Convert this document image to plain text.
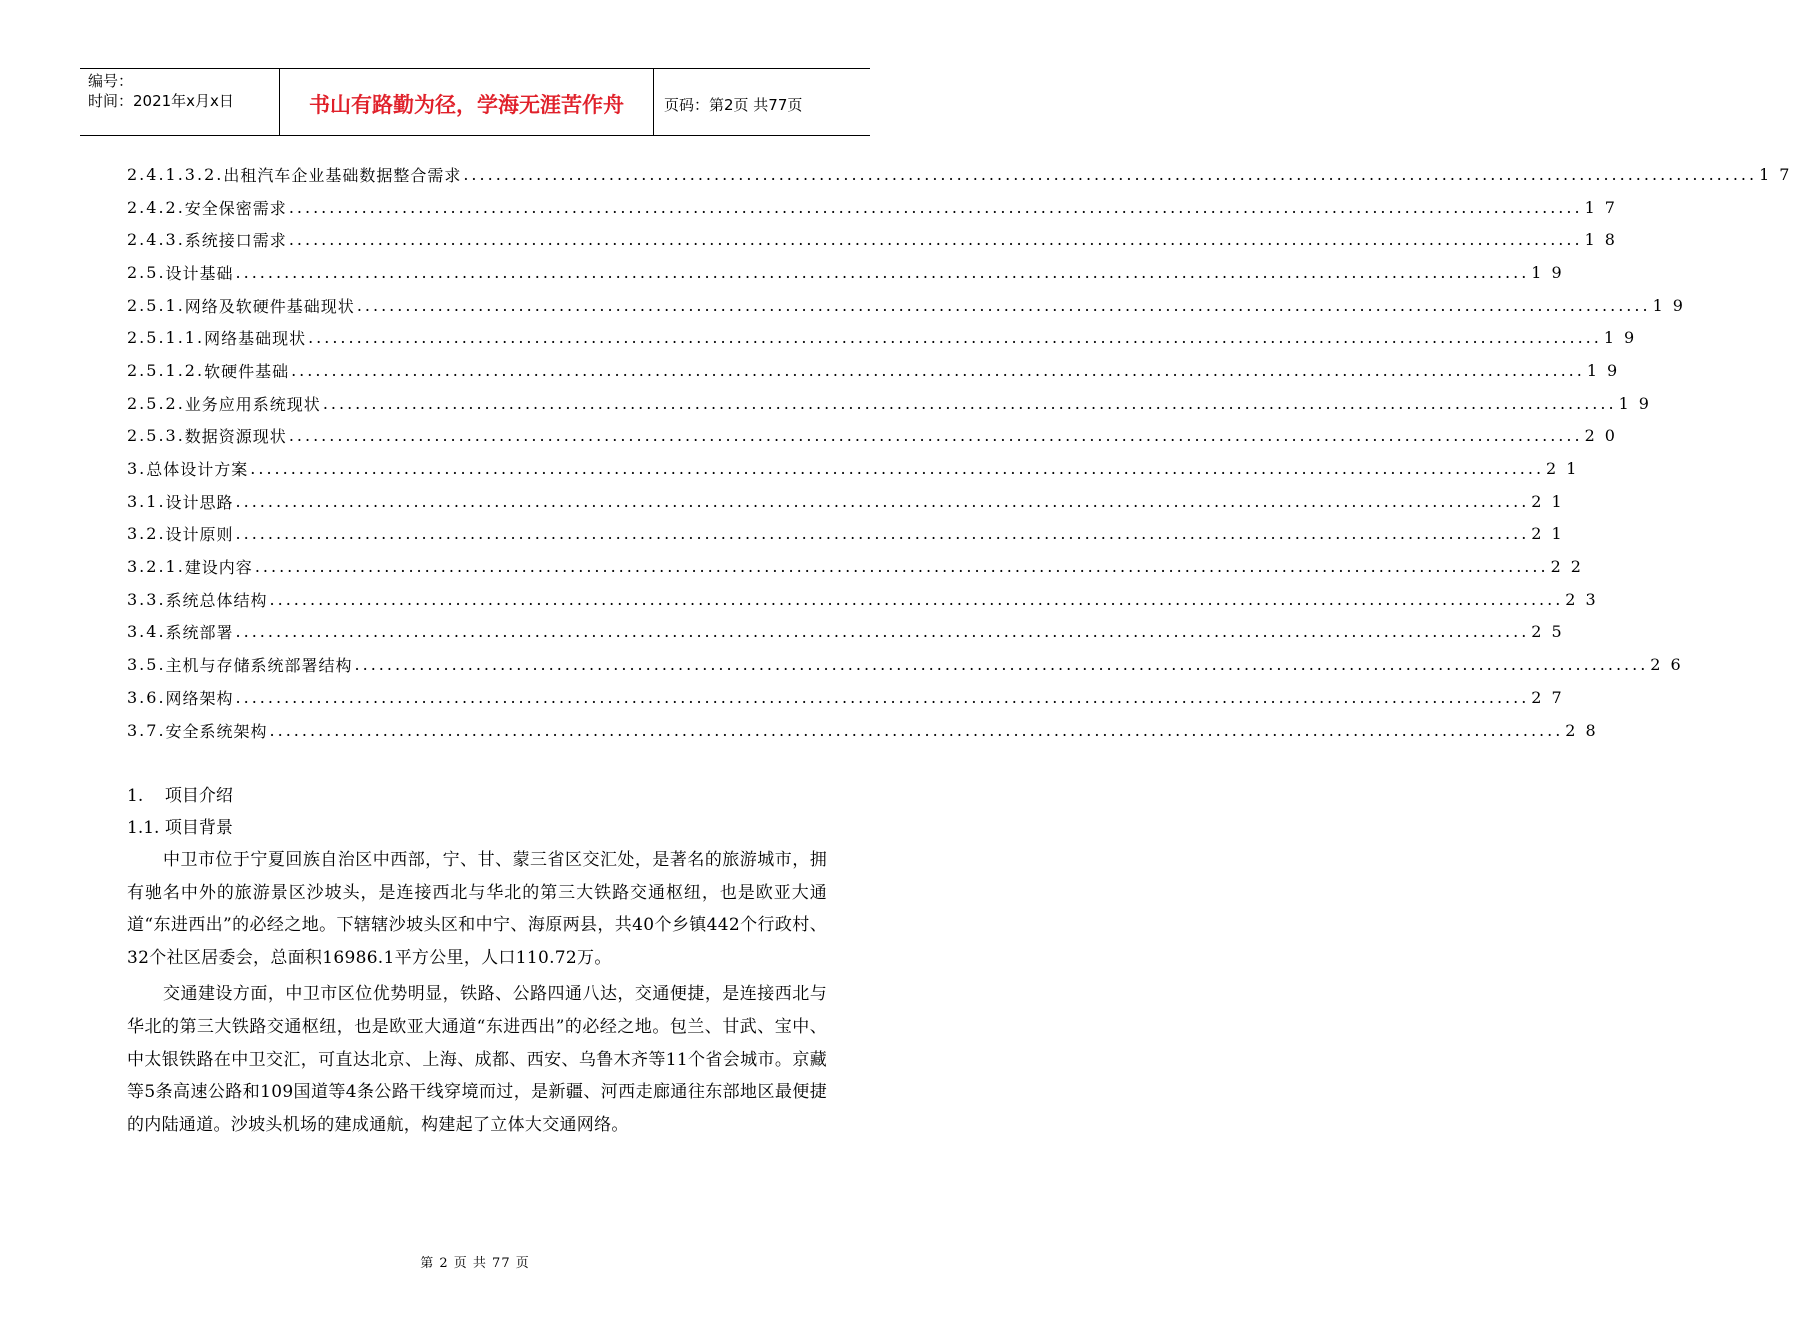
编号：
时间：2021年x月x日	书山有路勤为径，学海无涯苦作舟	页码：第2页 共77页
2.4.1.3.2. 出租汽车企业基础数据整合需求 ................................................................................................................................................................ 17
2.4.2. 安全保密需求 ................................................................................................................................................................ 17
2.4.3. 系统接口需求 ................................................................................................................................................................ 18
2.5. 设计基础 ................................................................................................................................................................ 19
2.5.1. 网络及软硬件基础现状 ................................................................................................................................................................ 19
2.5.1.1. 网络基础现状 ................................................................................................................................................................ 19
2.5.1.2. 软硬件基础 ................................................................................................................................................................ 19
2.5.2. 业务应用系统现状 ................................................................................................................................................................ 19
2.5.3. 数据资源现状 ................................................................................................................................................................ 20
3. 总体设计方案 ................................................................................................................................................................ 21
3.1. 设计思路 ................................................................................................................................................................ 21
3.2. 设计原则 ................................................................................................................................................................ 21
3.2.1. 建设内容 ................................................................................................................................................................ 22
3.3. 系统总体结构 ................................................................................................................................................................ 23
3.4. 系统部署 ................................................................................................................................................................ 25
3.5. 主机与存储系统部署结构 ................................................................................................................................................................ 26
3.6. 网络架构 ................................................................................................................................................................ 27
3.7. 安全系统架构 ................................................................................................................................................................ 28
1.    项目介绍
1.1. 项目背景

中卫市位于宁夏回族自治区中西部，宁、甘、蒙三省区交汇处，是著名的旅游城市，拥有驰名中外的旅游景区沙坡头，是连接西北与华北的第三大铁路交通枢纽，也是欧亚大通道“东进西出”的必经之地。下辖辖沙坡头区和中宁、海原两县，共40个乡镇442个行政村、32个社区居委会，总面积16986.1平方公里，人口110.72万。

交通建设方面，中卫市区位优势明显，铁路、公路四通八达，交通便捷，是连接西北与华北的第三大铁路交通枢纽，也是欧亚大通道“东进西出”的必经之地。包兰、甘武、宝中、中太银铁路在中卫交汇，可直达北京、上海、成都、西安、乌鲁木齐等11个省会城市。京藏等5条高速公路和109国道等4条公路干线穿境而过，是新疆、河西走廊通往东部地区最便捷的内陆通道。沙坡头机场的建成通航，构建起了立体大交通网络。

第 2 页 共 77 页
